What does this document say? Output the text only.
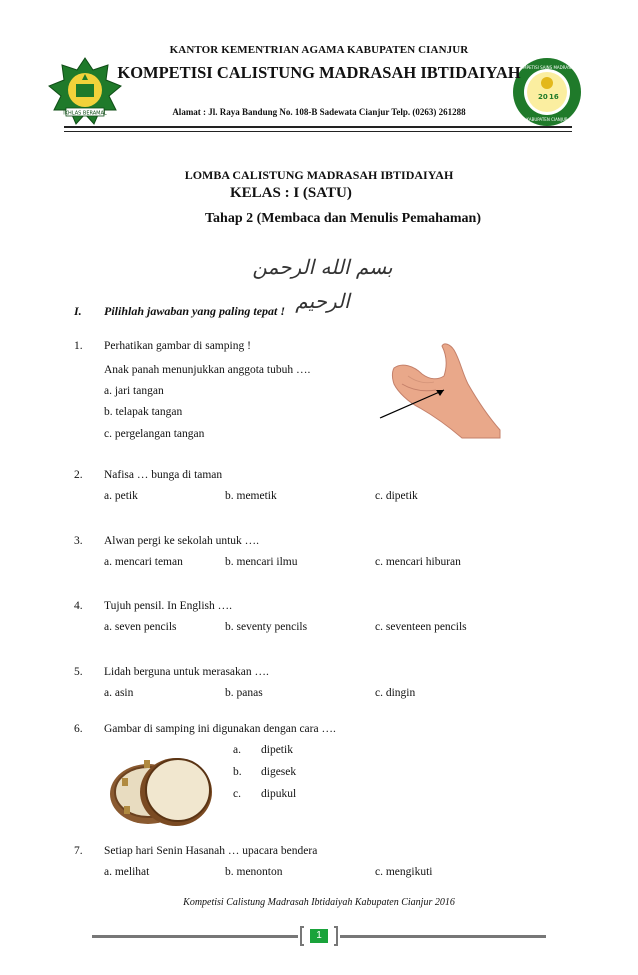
IKHLAS BERAMAL
20 16
KOMPETISI SAINS MADRASAH
KABUPATEN CIANJUR
KANTOR KEMENTRIAN AGAMA KABUPATEN CIANJUR
KOMPETISI CALISTUNG MADRASAH IBTIDAIYAH
Alamat : Jl. Raya Bandung No. 108-B Sadewata Cianjur Telp. (0263) 261288
LOMBA CALISTUNG MADRASAH IBTIDAIYAH
KELAS : I (SATU)
Tahap 2 (Membaca dan Menulis Pemahaman)
بسم الله الرحمن الرحيم
I. Pilihlah jawaban yang paling tepat !
1. Perhatikan gambar di samping !
Anak panah menunjukkan anggota tubuh ….
a. jari tangan
b. telapak tangan
c. pergelangan tangan
2. Nafisa … bunga di taman
a. petik	b. memetik	c. dipetik
3. Alwan pergi ke sekolah untuk ….
a. mencari teman	b. mencari ilmu	c. mencari hiburan
4. Tujuh pensil. In English ….
a. seven pencils	b. seventy pencils	c. seventeen pencils
5. Lidah berguna untuk merasakan ….
a. asin	b. panas	c. dingin
6. Gambar di samping ini digunakan dengan cara ….
a. dipetik
b. digesek
c. dipukul
7. Setiap hari Senin Hasanah … upacara bendera
a. melihat	b. menonton	c. mengikuti
Kompetisi Calistung Madrasah Ibtidaiyah Kabupaten Cianjur 2016
1
